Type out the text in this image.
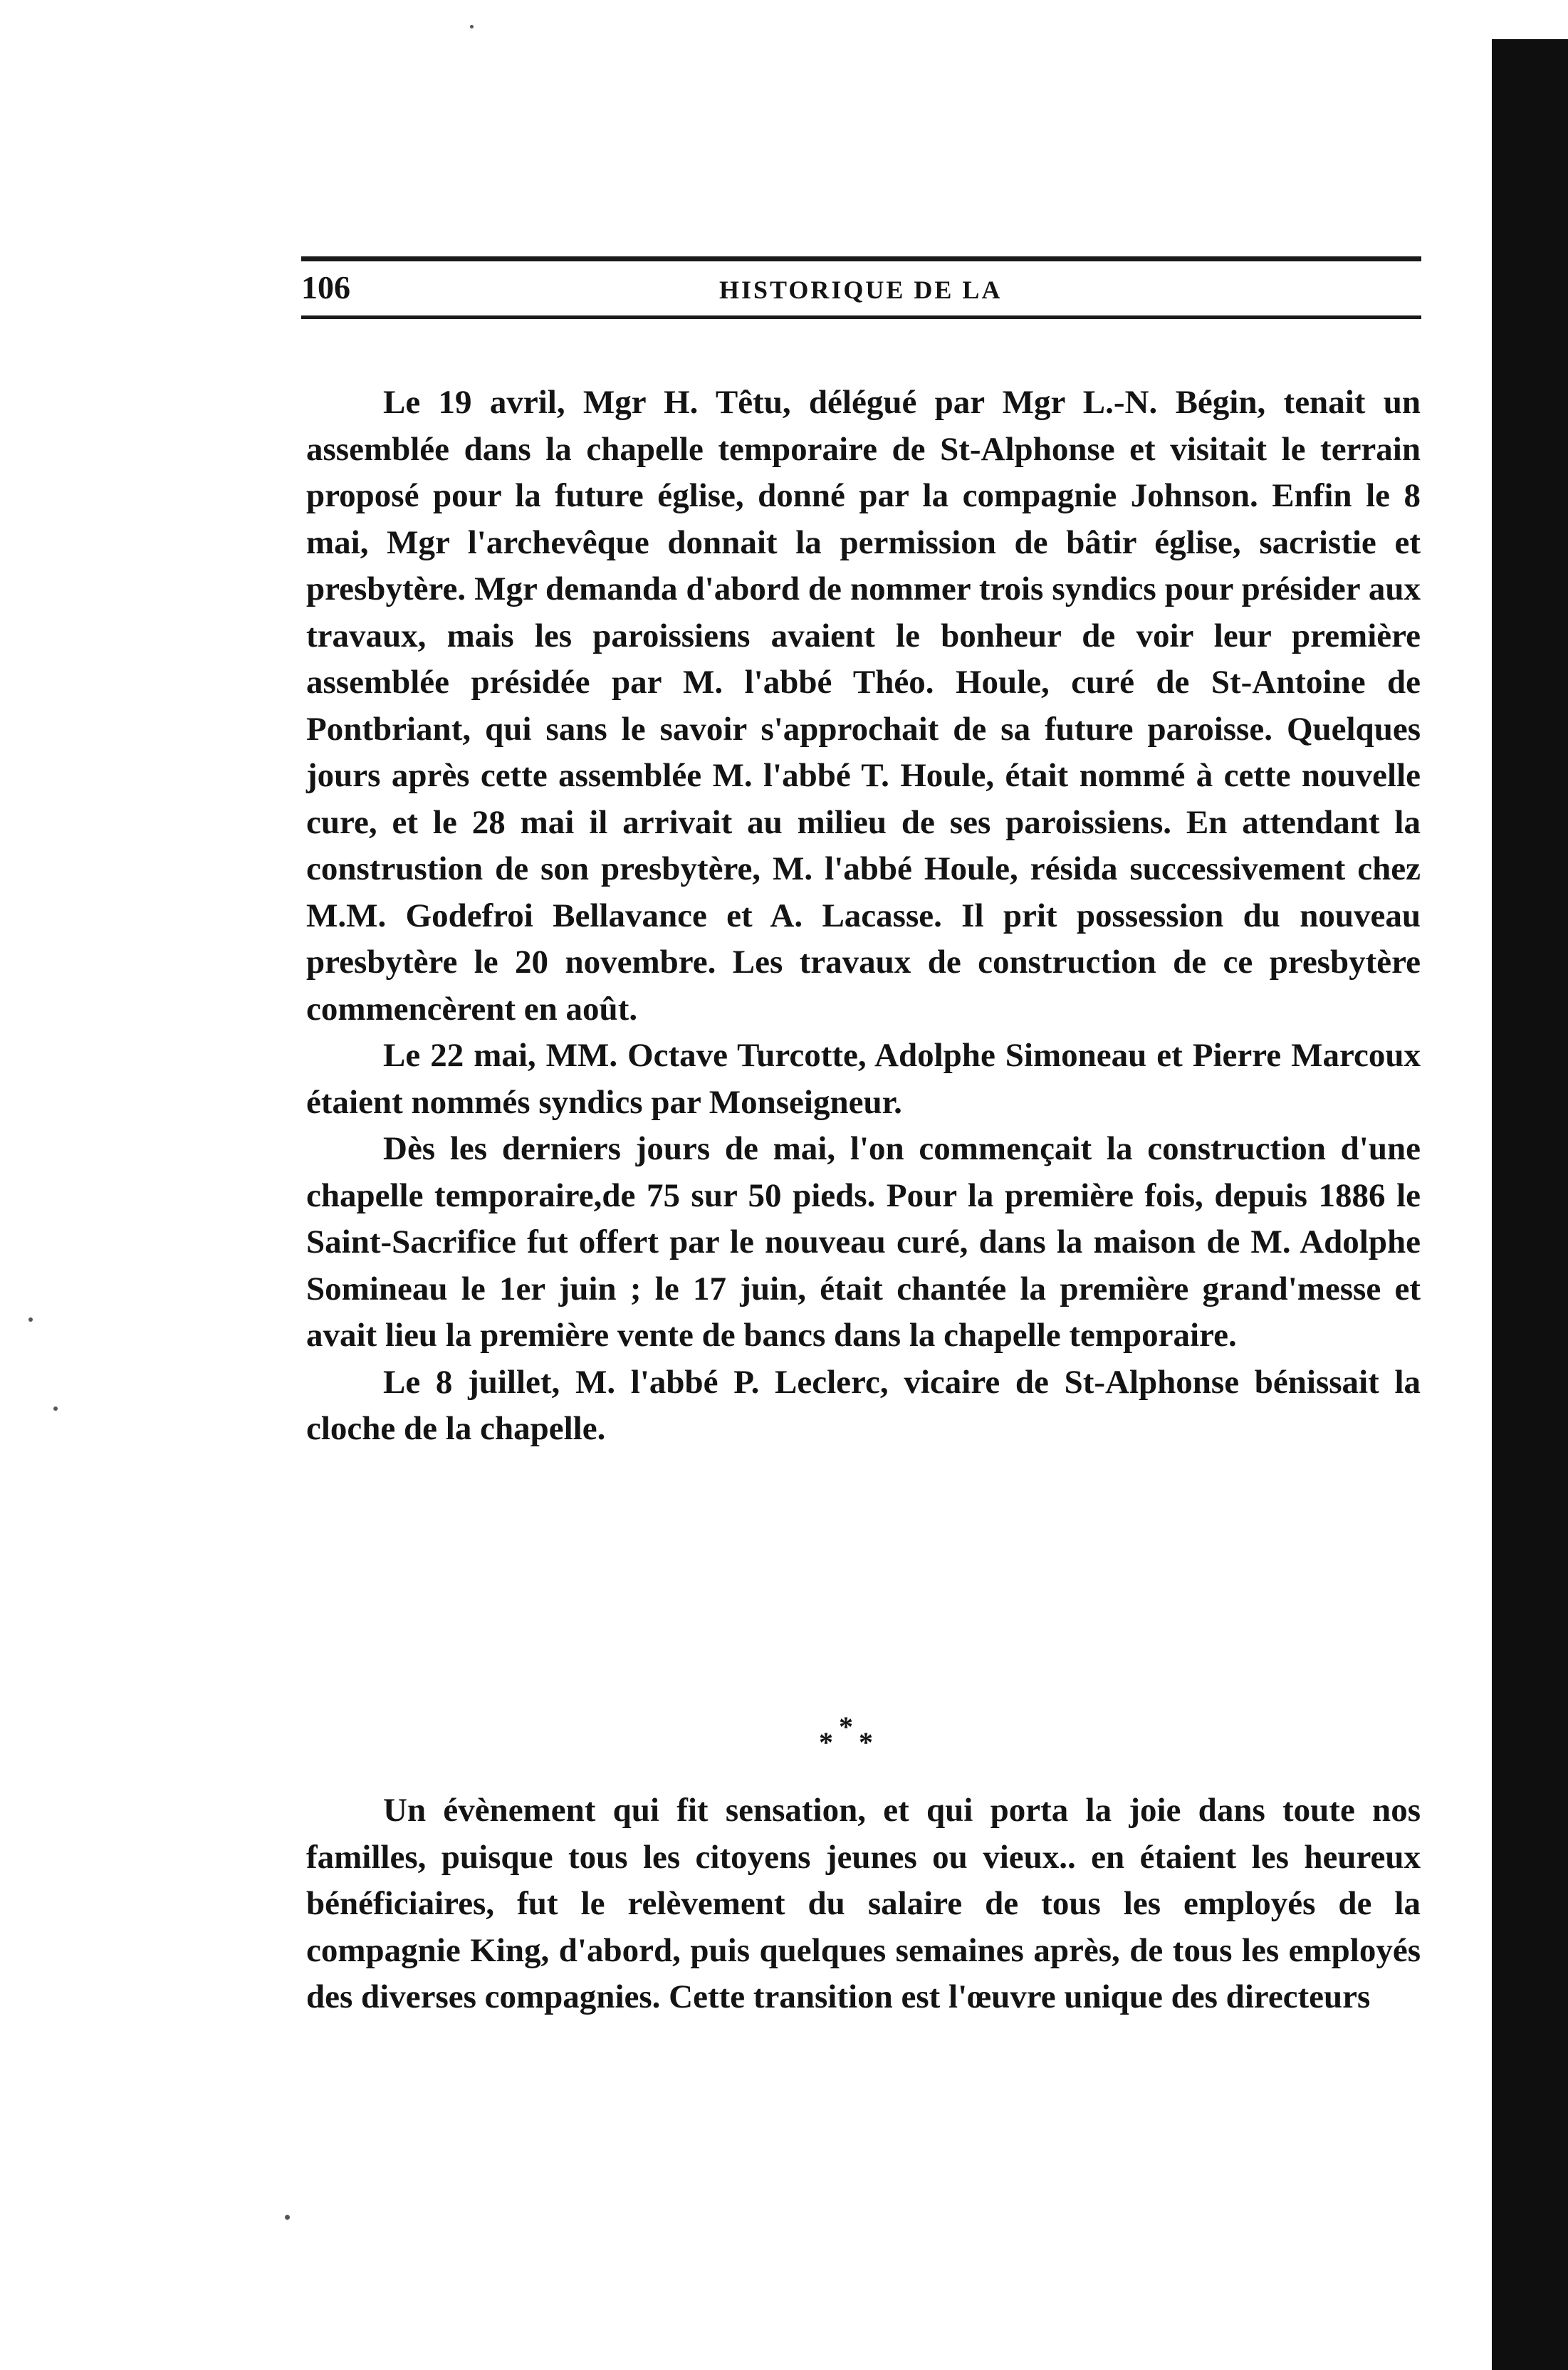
106	HISTORIQUE DE LA

Le 19 avril, Mgr H. Têtu, délégué par Mgr L.-N. Bégin, tenait un assemblée dans la chapelle temporaire de St-Alphonse et visitait le terrain proposé pour la future église, donné par la compagnie Johnson. Enfin le 8 mai, Mgr l'archevêque donnait la permission de bâtir église, sacristie et presbytère. Mgr demanda d'abord de nommer trois syndics pour présider aux travaux, mais les paroissiens avaient le bonheur de voir leur première assemblée présidée par M. l'abbé Théo. Houle, curé de St-Antoine de Pontbriant, qui sans le savoir s'approchait de sa future paroisse. Quelques jours après cette assemblée M. l'abbé T. Houle, était nommé à cette nouvelle cure, et le 28 mai il arrivait au milieu de ses paroissiens. En attendant la construstion de son presbytère, M. l'abbé Houle, résida successivement chez M.M. Godefroi Bellavance et A. Lacasse. Il prit possession du nouveau presbytère le 20 novembre. Les travaux de construction de ce presbytère commencèrent en août.

Le 22 mai, MM. Octave Turcotte, Adolphe Simoneau et Pierre Marcoux étaient nommés syndics par Monseigneur.

Dès les derniers jours de mai, l'on commençait la construction d'une chapelle temporaire,de 75 sur 50 pieds. Pour la première fois, depuis 1886 le Saint-Sacrifice fut offert par le nouveau curé, dans la maison de M. Adolphe Somineau le 1er juin ; le 17 juin, était chantée la première grand'messe et avait lieu la première vente de bancs dans la chapelle temporaire.

Le 8 juillet, M. l'abbé P. Leclerc, vicaire de St-Alphonse bénissait la cloche de la chapelle.

* * *

Un évènement qui fit sensation, et qui porta la joie dans toute nos familles, puisque tous les citoyens jeunes ou vieux.. en étaient les heureux bénéficiaires, fut le relèvement du salaire de tous les employés de la compagnie King, d'abord, puis quelques semaines après, de tous les employés des diverses compagnies. Cette transition est l'œuvre unique des directeurs
